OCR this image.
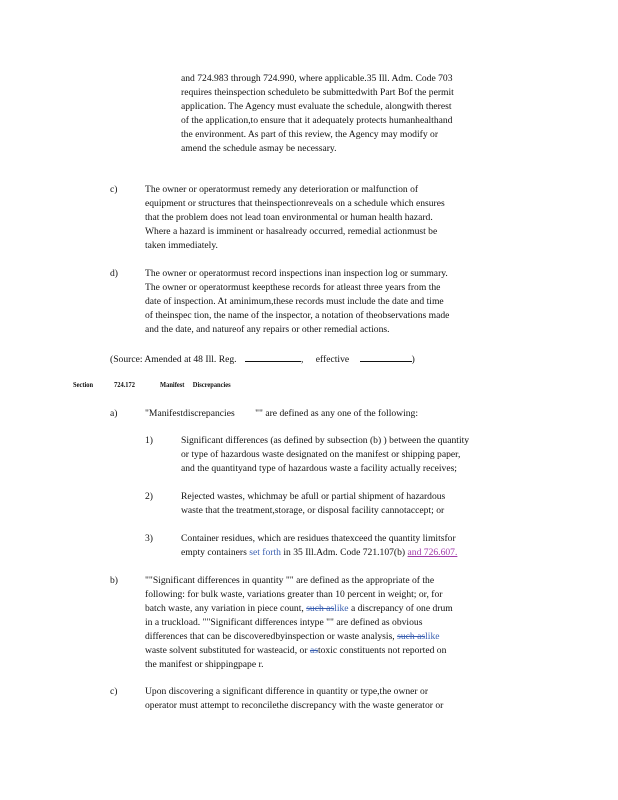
and 724.983 through 724.990, where applicable.35 Ill. Adm. Code 703
requires theinspection scheduleto be submittedwith Part Bof the permit
application. The Agency must evaluate the schedule, alongwith therest
of the application,to ensure that it adequately protects humanhealthand
the environment. As part of this review, the Agency may modify or
amend the schedule asmay be necessary.
c)	The owner or operatormust remedy any deterioration or malfunction of
equipment or structures that theinspectionreveals on a schedule which ensures
that the problem does not lead toan environmental or human health hazard.
Where a hazard is imminent or hasalready occurred, remedial actionmust be
taken immediately.
d)	The owner or operatormust record inspections inan inspection log or summary.
The owner or operatormust keepthese records for atleast three years from the
date of inspection. At aminimum,these records must include the date and time
of theinspec tion, the name of the inspector, a notation of theobservations made
and the date, and natureof any repairs or other remedial actions.
(Source: Amended at 48 Ill. Reg.	, effective	)
Section	724.172	Manifest Discrepancies
a)	"Manifestdiscrepancies "" are defined as any one of the following:
1)	Significant differences (as defined by subsection (b) ) between the quantity
or type of hazardous waste designated on the manifest or shipping paper,
and the quantityand type of hazardous waste a facility actually receives;
2)	Rejected wastes, whichmay be afull or partial shipment of hazardous
waste that the treatment,storage, or disposal facility cannotaccept; or
3)	Container residues, which are residues thatexceed the quantity limitsfor
empty containers set forth in 35 Ill.Adm. Code 721.107(b) and 726.607.
b)	""Significant differences in quantity "" are defined as the appropriate of the
following: for bulk waste, variations greater than 10 percent in weight; or, for
batch waste, any variation in piece count, such aslike a discrepancy of one drum
in a truckload. ""Significant differences intype "" are defined as obvious
differences that can be discoveredbyinspection or waste analysis, such aslike
waste solvent substituted for wasteacid, or astoxic constituents not reported on
the manifest or shippingpape r.
c)	Upon discovering a significant difference in quantity or type,the owner or
operator must attempt to reconcilethe discrepancy with the waste generator or
